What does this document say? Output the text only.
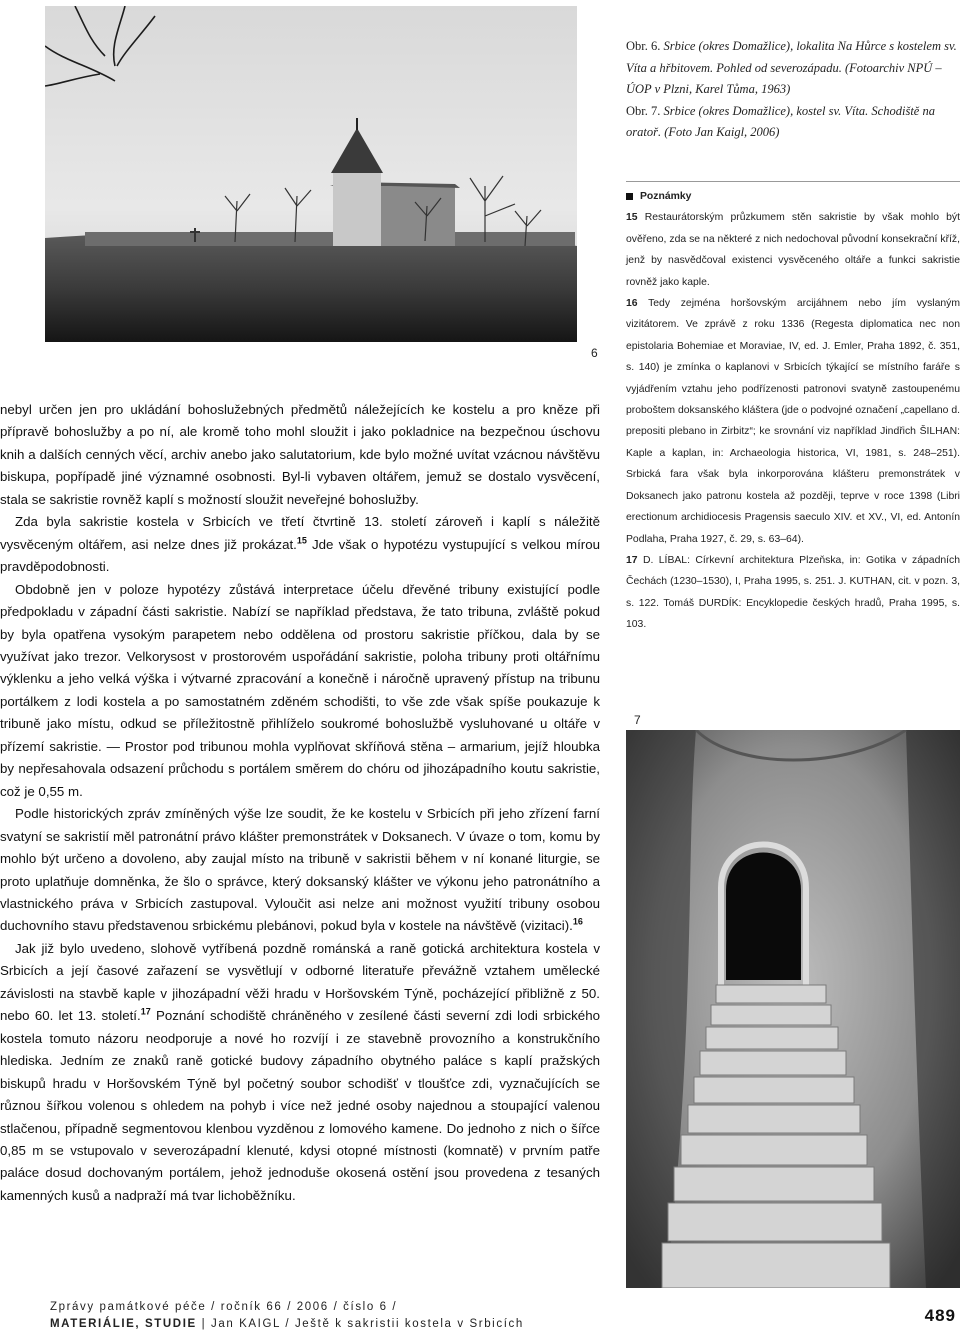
6
Obr. 6. Srbice (okres Domažlice), lokalita Na Hůrce s kostelem sv. Víta a hřbitovem. Pohled od severozápadu. (Fotoarchiv NPÚ – ÚOP v Plzni, Karel Tůma, 1963)
Obr. 7. Srbice (okres Domažlice), kostel sv. Víta. Schodiště na oratoř. (Foto Jan Kaigl, 2006)
Poznámky

15 Restaurátorským průzkumem stěn sakristie by však mohlo být ověřeno, zda se na některé z nich nedochoval původní konsekrační kříž, jenž by nasvědčoval existenci vysvěceného oltáře a funkci sakristie rovněž jako kaple.

16 Tedy zejména horšovským arcijáhnem nebo jím vyslaným vizitátorem. Ve zprávě z roku 1336 (Regesta diplomatica nec non epistolaria Bohemiae et Moraviae, IV, ed. J. Emler, Praha 1892, č. 351, s. 140) je zmínka o kaplanovi v Srbicích týkající se místního faráře s vyjádřením vztahu jeho podřízenosti patronovi svatyně zastoupenému proboštem doksanského kláštera (jde o podvojné označení „capellano d. prepositi plebano in Zirbitz“; ke srovnání viz například Jindřich ŠILHAN: Kaple a kaplan, in: Archaeologia historica, VI, 1981, s. 248–251). Srbická fara však byla inkorporována klášteru premonstrátek v Doksanech jako patronu kostela až později, teprve v roce 1398 (Libri erectionum archidiocesis Pragensis saeculo XIV. et XV., VI, ed. Antonín Podlaha, Praha 1927, č. 29, s. 63–64).

17 D. LÍBAL: Církevní architektura Plzeňska, in: Gotika v západních Čechách (1230–1530), I, Praha 1995, s. 251. J. KUTHAN, cit. v pozn. 3, s. 122. Tomáš DURDÍK: Encyklopedie českých hradů, Praha 1995, s. 103.

7

nebyl určen jen pro ukládání bohoslužebných předmětů náležejících ke kostelu a pro kněze při přípravě bohoslužby a po ní, ale kromě toho mohl sloužit i jako pokladnice na bezpečnou úschovu knih a dalších cenných věcí, archiv anebo jako salutatorium, kde bylo možné uvítat vzácnou návštěvu biskupa, popřípadě jiné významné osobnosti. Byl-li vybaven oltářem, jemuž se dostalo vysvěcení, stala se sakristie rovněž kaplí s možností sloužit neveřejné bohoslužby.

Zda byla sakristie kostela v Srbicích ve třetí čtvrtině 13. století zároveň i kaplí s náležitě vysvěceným oltářem, asi nelze dnes již prokázat.$^{15}$ Jde však o hypotézu vystupující s velkou mírou pravděpodobnosti.

Obdobně jen v poloze hypotézy zůstává interpretace účelu dřevěné tribuny existující podle předpokladu v západní části sakristie. Nabízí se například představa, že tato tribuna, zvláště pokud by byla opatřena vysokým parapetem nebo oddělena od prostoru sakristie příčkou, dala by se využívat jako trezor. Velkorysost v prostorovém uspořádání sakristie, poloha tribuny proti oltářnímu výklenku a jeho velká výška i výtvarné zpracování a konečně i náročně upravený přístup na tribunu portálkem z lodi kostela a po samostatném zděném schodišti, to vše zde však spíše poukazuje k tribuně jako místu, odkud se příležitostně přihlíželo soukromé bohoslužbě vysluhované u oltáře v přízemí sakristie. — Prostor pod tribunou mohla vyplňovat skříňová stěna – armarium, jejíž hloubka by nepřesahovala odsazení průchodu s portálem směrem do chóru od jihozápadního koutu sakristie, což je 0,55 m.

Podle historických zpráv zmíněných výše lze soudit, že ke kostelu v Srbicích při jeho zřízení farní svatyní se sakristií měl patronátní právo klášter premonstrátek v Doksanech. V úvaze o tom, komu by mohlo být určeno a dovoleno, aby zaujal místo na tribuně v sakristii během v ní konané liturgie, se proto uplatňuje domněnka, že šlo o správce, který doksanský klášter ve výkonu jeho patronátního a vlastnického práva v Srbicích zastupoval. Vyloučit asi nelze ani možnost využití tribuny osobou duchovního stavu představenou srbickému plebánovi, pokud byla v kostele na návštěvě (vizitaci).$^{16}$

Jak již bylo uvedeno, slohově vytříbená pozdně románská a raně gotická architektura kostela v Srbicích a její časové zařazení se vysvětlují v odborné literatuře převážně vztahem umělecké závislosti na stavbě kaple v jihozápadní věži hradu v Horšovském Týně, pocházející přibližně z 50. nebo 60. let 13. století.$^{17}$ Poznání schodiště chráněného v zesílené části severní zdi lodi srbického kostela tomuto názoru neodporuje a nové ho rozvíjí i ze stavebně provozního a konstrukčního hlediska. Jedním ze znaků raně gotické budovy západního obytného paláce s kaplí pražských biskupů hradu v Horšovském Týně byl početný soubor schodišť v tloušťce zdi, vyznačujících se různou šířkou volenou s ohledem na pohyb i více než jedné osoby najednou a stoupající valenou stlačenou, případně segmentovou klenbou vyzděnou z lomového kamene. Do jednoho z nich o šířce 0,85 m se vstupovalo v severozápadní klenuté, kdysi otopné místnosti (komnatě) v prvním patře paláce dosud dochovaným portálem, jehož jednoduše okosená ostění jsou provedena z tesaných kamenných kusů a nadpraží má tvar lichoběžníku.

Zprávy památkové péče / ročník 66 / 2006 / číslo 6 /
MATERIÁLIE, STUDIE | Jan KAIGL / Ještě k sakristii kostela v Srbicích	489
